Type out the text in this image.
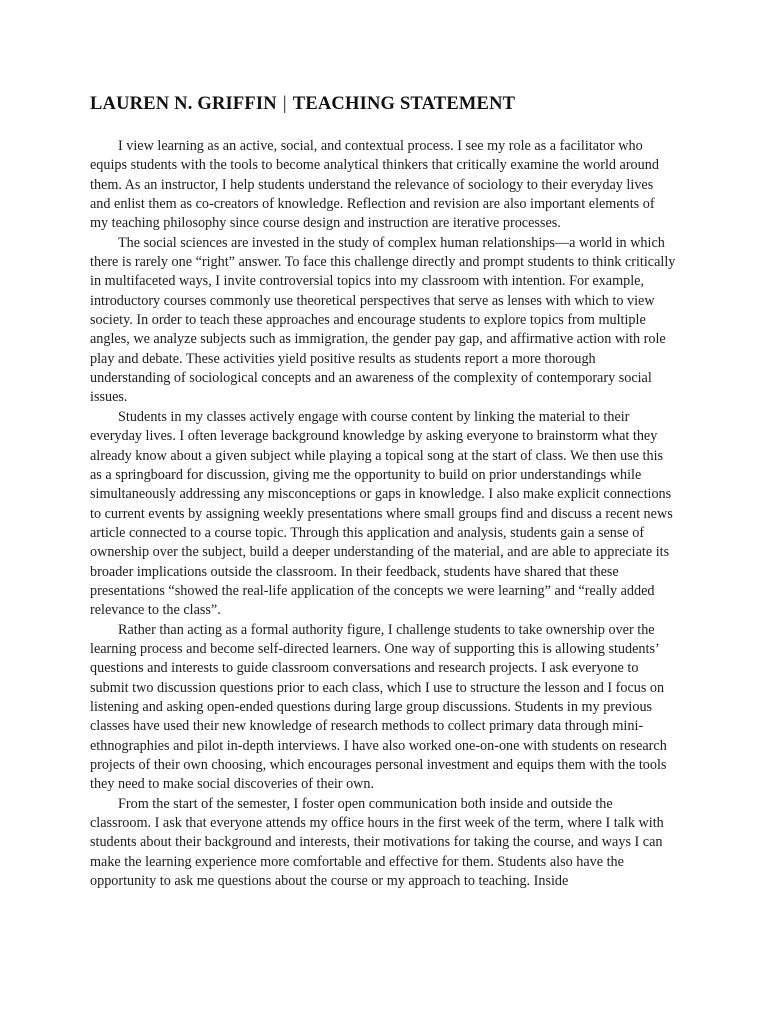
LAUREN N. GRIFFIN | TEACHING STATEMENT

I view learning as an active, social, and contextual process. I see my role as a facilitator who equips students with the tools to become analytical thinkers that critically examine the world around them. As an instructor, I help students understand the relevance of sociology to their everyday lives and enlist them as co-creators of knowledge. Reflection and revision are also important elements of my teaching philosophy since course design and instruction are iterative processes.

The social sciences are invested in the study of complex human relationships—a world in which there is rarely one “right” answer. To face this challenge directly and prompt students to think critically in multifaceted ways, I invite controversial topics into my classroom with intention. For example, introductory courses commonly use theoretical perspectives that serve as lenses with which to view society. In order to teach these approaches and encourage students to explore topics from multiple angles, we analyze subjects such as immigration, the gender pay gap, and affirmative action with role play and debate. These activities yield positive results as students report a more thorough understanding of sociological concepts and an awareness of the complexity of contemporary social issues.

Students in my classes actively engage with course content by linking the material to their everyday lives. I often leverage background knowledge by asking everyone to brainstorm what they already know about a given subject while playing a topical song at the start of class. We then use this as a springboard for discussion, giving me the opportunity to build on prior understandings while simultaneously addressing any misconceptions or gaps in knowledge. I also make explicit connections to current events by assigning weekly presentations where small groups find and discuss a recent news article connected to a course topic. Through this application and analysis, students gain a sense of ownership over the subject, build a deeper understanding of the material, and are able to appreciate its broader implications outside the classroom. In their feedback, students have shared that these presentations “showed the real-life application of the concepts we were learning” and “really added relevance to the class”.

Rather than acting as a formal authority figure, I challenge students to take ownership over the learning process and become self-directed learners. One way of supporting this is allowing students’ questions and interests to guide classroom conversations and research projects. I ask everyone to submit two discussion questions prior to each class, which I use to structure the lesson and I focus on listening and asking open-ended questions during large group discussions. Students in my previous classes have used their new knowledge of research methods to collect primary data through mini-ethnographies and pilot in-depth interviews. I have also worked one-on-one with students on research projects of their own choosing, which encourages personal investment and equips them with the tools they need to make social discoveries of their own.

From the start of the semester, I foster open communication both inside and outside the classroom. I ask that everyone attends my office hours in the first week of the term, where I talk with students about their background and interests, their motivations for taking the course, and ways I can make the learning experience more comfortable and effective for them. Students also have the opportunity to ask me questions about the course or my approach to teaching. Inside
